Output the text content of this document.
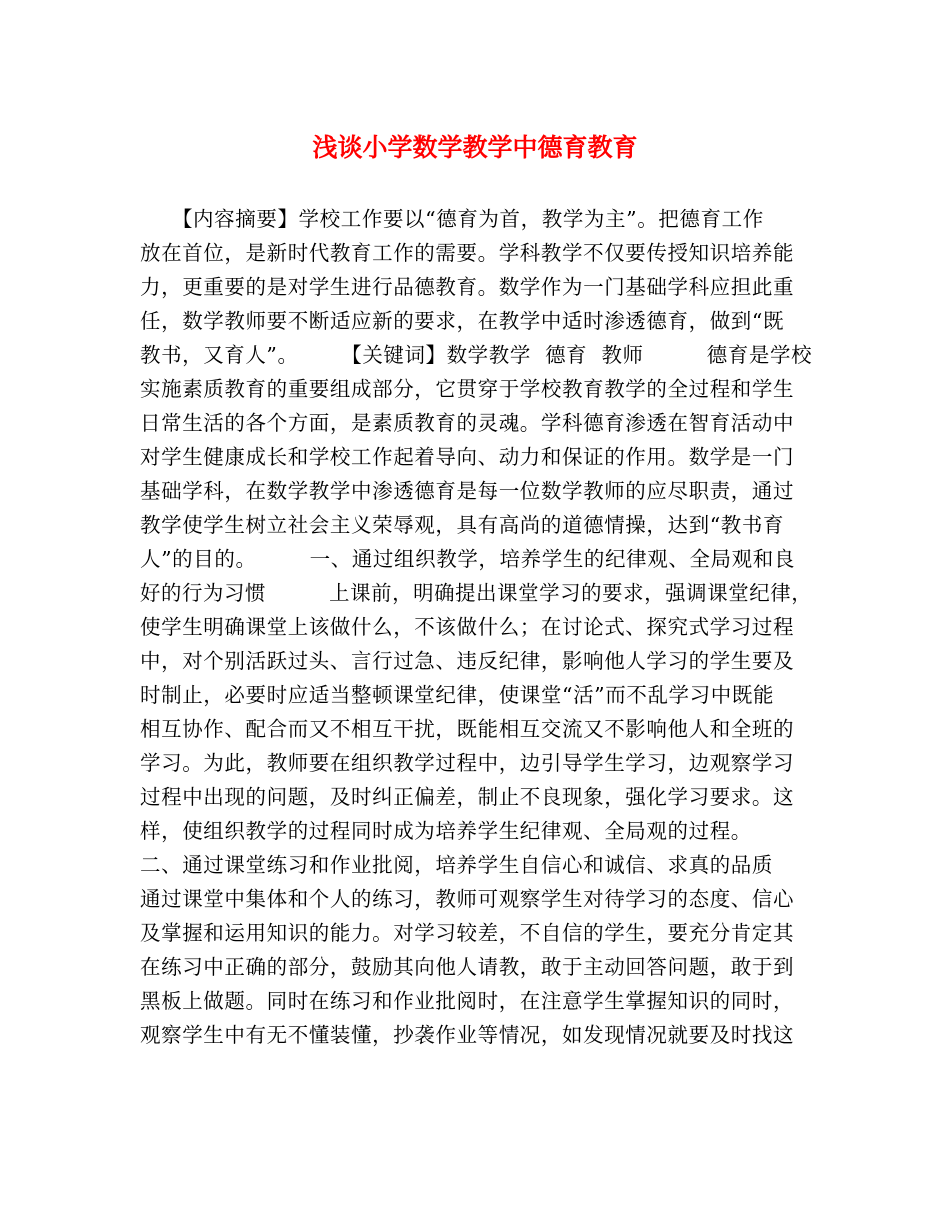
浅谈小学数学教学中德育教育
　　【内容摘要】学校工作要以“德育为首，教学为主”。把德育工作
放在首位，是新时代教育工作的需要。学科教学不仅要传授知识培养能
力，更重要的是对学生进行品德教育。数学作为一门基础学科应担此重
任，数学教师要不断适应新的要求，在教学中适时渗透德育，做到“既
教书，又育人”。　　　【关键词】数学教学  德育  教师　　　德育是学校
实施素质教育的重要组成部分，它贯穿于学校教育教学的全过程和学生
日常生活的各个方面，是素质教育的灵魂。学科德育渗透在智育活动中
对学生健康成长和学校工作起着导向、动力和保证的作用。数学是一门
基础学科，在数学教学中渗透德育是每一位数学教师的应尽职责，通过
教学使学生树立社会主义荣辱观，具有高尚的道德情操，达到“教书育
人”的目的。　　　一、通过组织教学，培养学生的纪律观、全局观和良
好的行为习惯　　　上课前，明确提出课堂学习的要求，强调课堂纪律，
使学生明确课堂上该做什么，不该做什么；在讨论式、探究式学习过程
中，对个别活跃过头、言行过急、违反纪律，影响他人学习的学生要及
时制止，必要时应适当整顿课堂纪律，使课堂“活”而不乱学习中既能
相互协作、配合而又不相互干扰，既能相互交流又不影响他人和全班的
学习。为此，教师要在组织教学过程中，边引导学生学习，边观察学习
过程中出现的问题，及时纠正偏差，制止不良现象，强化学习要求。这
样，使组织教学的过程同时成为培养学生纪律观、全局观的过程。
二、通过课堂练习和作业批阅，培养学生自信心和诚信、求真的品质
通过课堂中集体和个人的练习，教师可观察学生对待学习的态度、信心
及掌握和运用知识的能力。对学习较差，不自信的学生，要充分肯定其
在练习中正确的部分，鼓励其向他人请教，敢于主动回答问题，敢于到
黑板上做题。同时在练习和作业批阅时，在注意学生掌握知识的同时，
观察学生中有无不懂装懂，抄袭作业等情况，如发现情况就要及时找这
